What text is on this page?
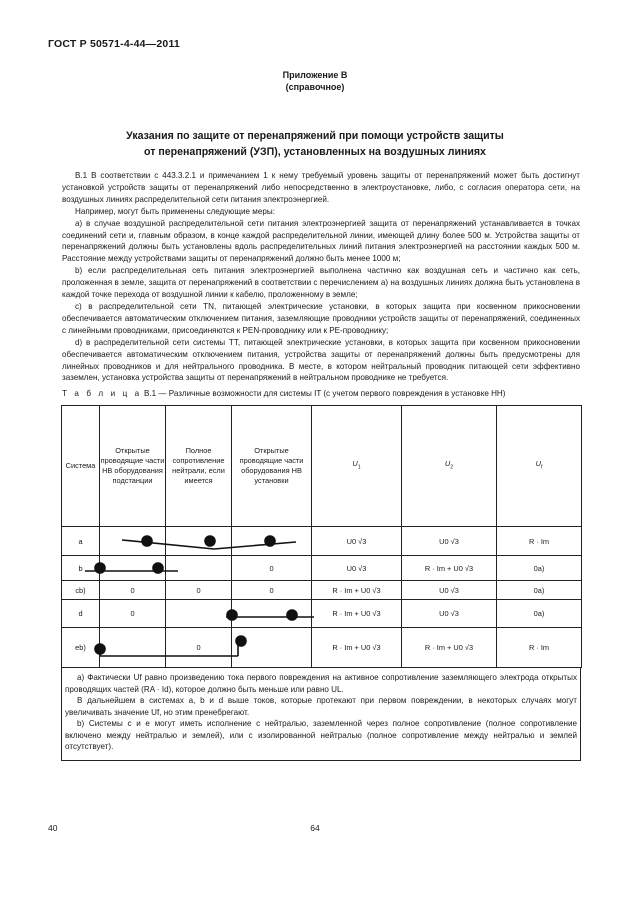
ГОСТ Р 50571-4-44—2011
Приложение В
(справочное)
Указания по защите от перенапряжений при помощи устройств защиты
от перенапряжений (УЗП), установленных на воздушных линиях

В.1 В соответствии с 443.3.2.1 и примечанием 1 к нему требуемый уровень защиты от перенапряжений может быть достигнут установкой устройств защиты от перенапряжений либо непосредственно в электроустановке, либо, с согласия оператора сети, на воздушных линиях распределительной сети питания электроэнергией.

Например, могут быть применены следующие меры:

a) в случае воздушной распределительной сети питания электроэнергией защита от перенапряжений устанавливается в точках соединений сети и, главным образом, в конце каждой распределительной линии, имеющей длину более 500 м. Устройства защиты от перенапряжений должны быть установлены вдоль распределительных линий питания электроэнергией на расстоянии каждых 500 м. Расстояние между устройствами защиты от перенапряжений должно быть менее 1000 м;

b) если распределительная сеть питания электроэнергией выполнена частично как воздушная сеть и частично как сеть, проложенная в земле, защита от перенапряжений в соответствии с перечислением а) на воздушных линиях должна быть установлена в каждой точке перехода от воздушной линии к кабелю, проложенному в земле;

c) в распределительной сети TN, питающей электрические установки, в которых защита при косвенном прикосновении обеспечивается автоматическим отключением питания, заземляющие проводники устройств защиты от перенапряжений, соединенных с линейными проводниками, присоединяются к PEN-проводнику или к PE-проводнику;

d) в распределительной сети системы TT, питающей электрические установки, в которых защита при косвенном прикосновении обеспечивается автоматическим отключением питания, устройства защиты от перенапряжений должны быть предусмотрены для линейных проводников и для нейтрального проводника. В месте, в котором нейтральный проводник питающей сети эффективно заземлен, установка устройства защиты от перенапряжений в нейтральном проводнике не требуется.

Т а б л и ц а В.1 — Различные возможности для системы IT (с учетом первого повреждения в установке НН)
Система	Открытые проводящие части НВ оборудования подстанции	Полное сопротивление нейтрали, если имеется	Открытые проводящие части оборудования НВ установки	$U_1$	$U_2$	$U_f$
a				U0 √3	U0 √3	R · Im
b			0	U0 √3	R · Im + U0 √3	0a)
cb)	0	0	0	R · Im + U0 √3	U0 √3	0a)
d	0			R · Im + U0 √3	U0 √3	0a)
eb)		0		R · Im + U0 √3	R · Im + U0 √3	R · Im

a) Фактически Uf равно произведению тока первого повреждения на активное сопротивление заземляющего электрода открытых проводящих частей (RA · Id), которое должно быть меньше или равно UL.

В дальнейшем в системах a, b и d выше токов, которые протекают при первом повреждении, в некоторых случаях могут увеличивать значение Uf, но этим пренебрегают.

b) Системы с и е могут иметь исполнение с нейтралью, заземленной через полное сопротивление (полное сопротивление включено между нейтралью и землей), или с изолированной нейтралью (полное сопротивление между нейтралью и землей отсутствует).

40	64
